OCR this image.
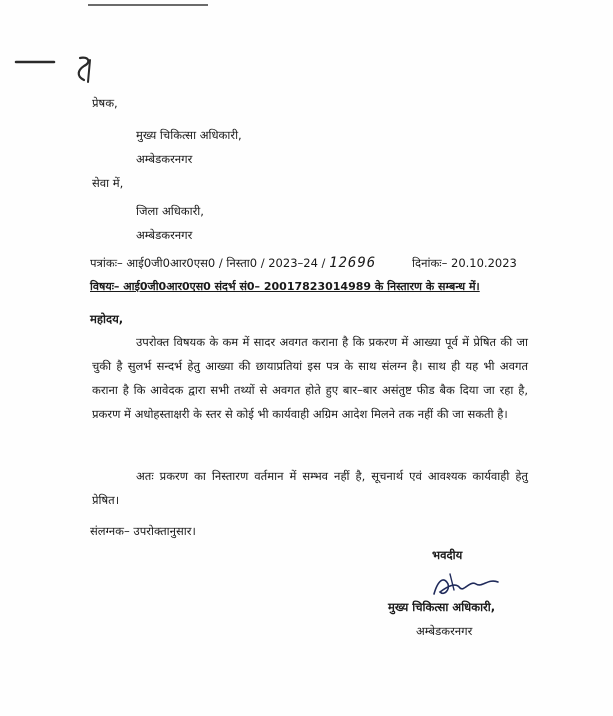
प्रेषक,
मुख्य चिकित्सा अधिकारी,
अम्बेडकरनगर
सेवा में,
जिला अधिकारी,
अम्बेडकरनगर
पत्रांकः– आई0जी0आर0एस0 / निस्ता0 / 2023–24 / 12696	दिनांकः– 20.10.2023
विषयः– आई0जी0आर0एस0 संदर्भ सं0– 20017823014989 के निस्तारण के सम्बन्ध में।
महोदय,
उपरोक्त विषयक के कम में सादर अवगत कराना है कि प्रकरण में आख्या पूर्व में प्रेषित की जा चुकी है सुलर्भ सन्दर्भ हेतु आख्या की छायाप्रतियां इस पत्र के साथ संलग्न है। साथ ही यह भी अवगत कराना है कि आवेदक द्वारा सभी तथ्यों से अवगत होते हुए बार–बार असंतुष्ट फीड बैक दिया जा रहा है, प्रकरण में अधोहस्ताक्षरी के स्तर से कोई भी कार्यवाही अग्रिम आदेश मिलने तक नहीं की जा सकती है।
अतः प्रकरण का निस्तारण वर्तमान में सम्भव नहीं है, सूचनार्थ एवं आवश्यक कार्यवाही हेतु प्रेषित।
संलग्नक– उपरोक्तानुसार।
भवदीय
मुख्य चिकित्सा अधिकारी,
अम्बेडकरनगर
